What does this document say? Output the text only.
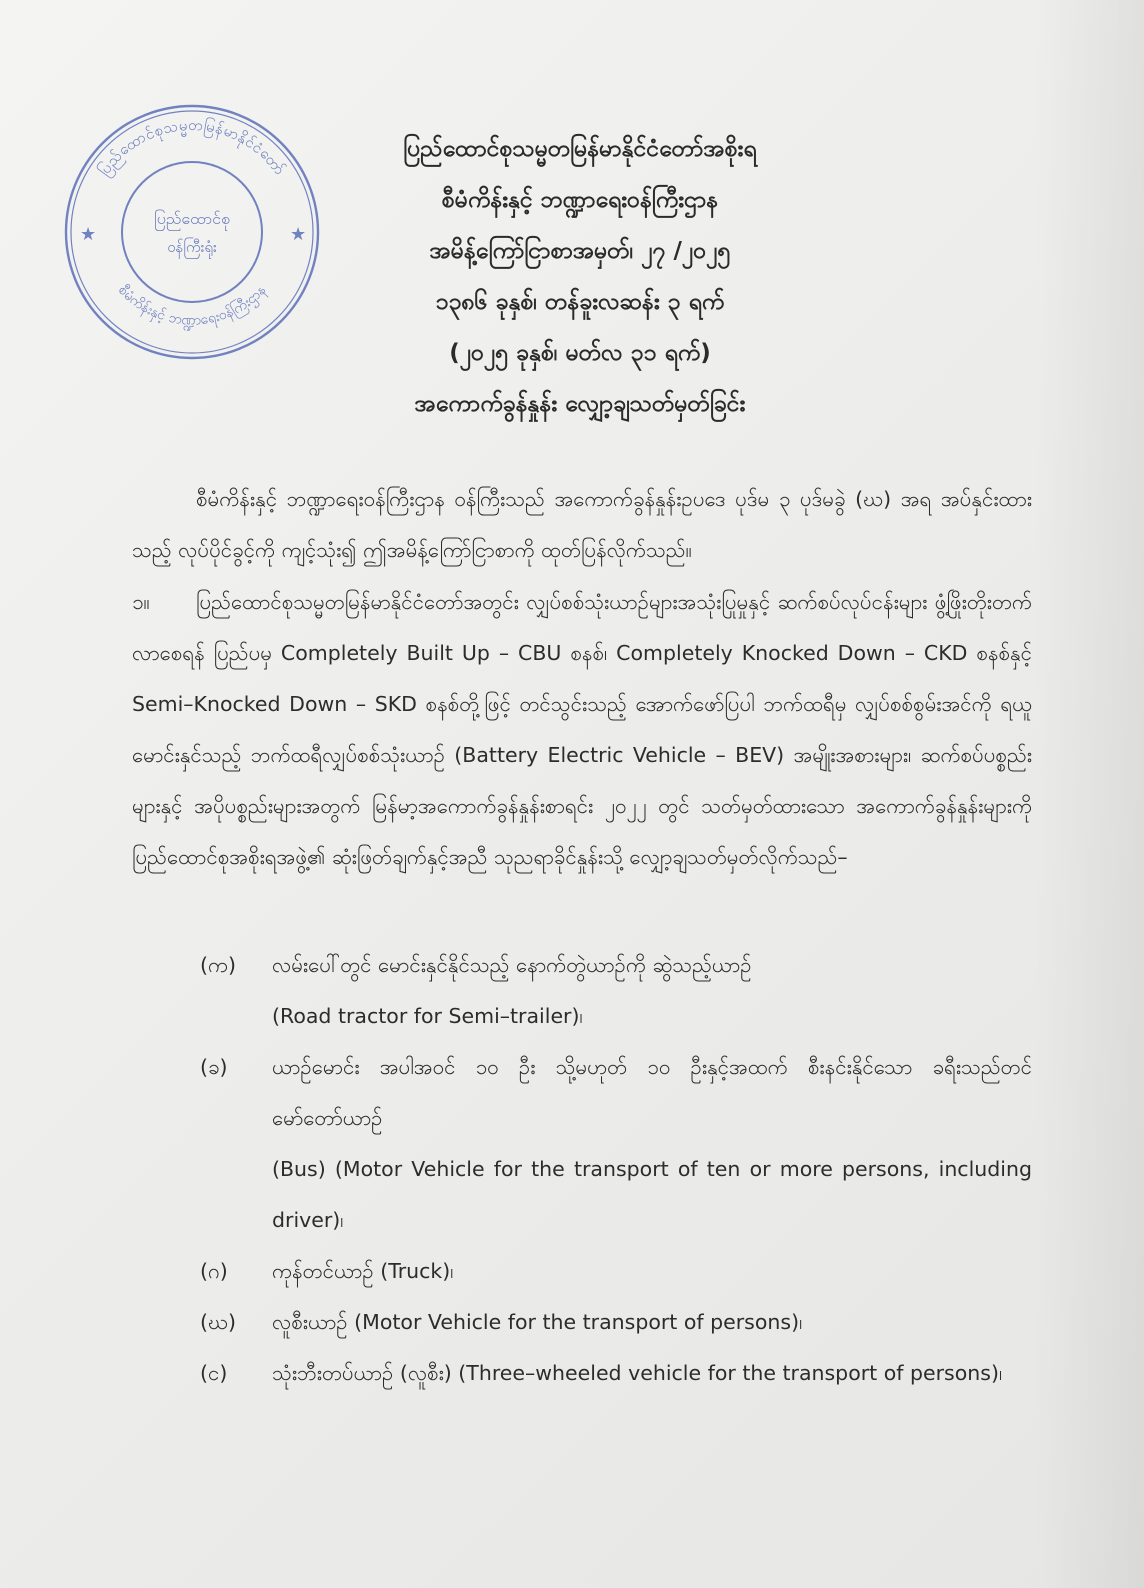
ပြည်ထောင်စုသမ္မတမြန်မာနိုင်ငံတော်
စီမံကိန်းနှင့် ဘဏ္ဍာရေးဝန်ကြီးဌာန
★	★
ပြည်ထောင်စု
ဝန်ကြီးရုံး
ပြည်ထောင်စုသမ္မတမြန်မာနိုင်ငံတော်အစိုးရ
စီမံကိန်းနှင့် ဘဏ္ဍာရေးဝန်ကြီးဌာန
အမိန့်ကြော်ငြာစာအမှတ်၊ ၂၇ /၂၀၂၅
၁၃၈၆ ခုနှစ်၊ တန်ခူးလဆန်း ၃ ရက်
(၂၀၂၅ ခုနှစ်၊ မတ်လ ၃၁ ရက်)
အကောက်ခွန်နှုန်း လျှော့ချသတ်မှတ်ခြင်း
စီမံကိန်းနှင့် ဘဏ္ဍာရေးဝန်ကြီးဌာန ဝန်ကြီးသည် အကောက်ခွန်နှုန်းဥပဒေ ပုဒ်မ ၃ ပုဒ်မခွဲ (ဃ) အရ အပ်နှင်းထားသည့် လုပ်ပိုင်ခွင့်ကို ကျင့်သုံး၍ ဤအမိန့်ကြော်ငြာစာကို ထုတ်ပြန်လိုက်သည်။
၁။ ပြည်ထောင်စုသမ္မတမြန်မာနိုင်ငံတော်အတွင်း လျှပ်စစ်သုံးယာဉ်များအသုံးပြုမှုနှင့် ဆက်စပ်လုပ်ငန်းများ ဖွံ့ဖြိုးတိုးတက်လာစေရန် ပြည်ပမှ Completely Built Up – CBU စနစ်၊ Completely Knocked Down – CKD စနစ်နှင့် Semi–Knocked Down – SKD စနစ်တို့ဖြင့် တင်သွင်းသည့် အောက်ဖော်ပြပါ ဘက်ထရီမှ လျှပ်စစ်စွမ်းအင်ကို ရယူမောင်းနှင်သည့် ဘက်ထရီလျှပ်စစ်သုံးယာဉ် (Battery Electric Vehicle – BEV) အမျိုးအစားများ၊ ဆက်စပ်ပစ္စည်းများနှင့် အပိုပစ္စည်းများအတွက် မြန်မာ့အကောက်ခွန်နှုန်းစာရင်း ၂၀၂၂ တွင် သတ်မှတ်ထားသော အကောက်ခွန်နှုန်းများကို ပြည်ထောင်စုအစိုးရအဖွဲ့၏ ဆုံးဖြတ်ချက်နှင့်အညီ သုညရာခိုင်နှုန်းသို့ လျှော့ချသတ်မှတ်လိုက်သည်–
(က)	လမ်းပေါ်တွင် မောင်းနှင်နိုင်သည့် နောက်တွဲယာဉ်ကို ဆွဲသည့်ယာဉ်
(Road tractor for Semi–trailer)၊
(ခ)	ယာဉ်မောင်း အပါအဝင် ၁၀ ဦး သို့မဟုတ် ၁၀ ဦးနှင့်အထက် စီးနင်းနိုင်သော ခရီးသည်တင် မော်တော်ယာဉ်
(Bus) (Motor Vehicle for the transport of ten or more persons, including driver)၊
(ဂ)	ကုန်တင်ယာဉ် (Truck)၊
(ဃ)	လူစီးယာဉ် (Motor Vehicle for the transport of persons)၊
(င)	သုံးဘီးတပ်ယာဉ် (လူစီး) (Three–wheeled vehicle for the transport of persons)၊
